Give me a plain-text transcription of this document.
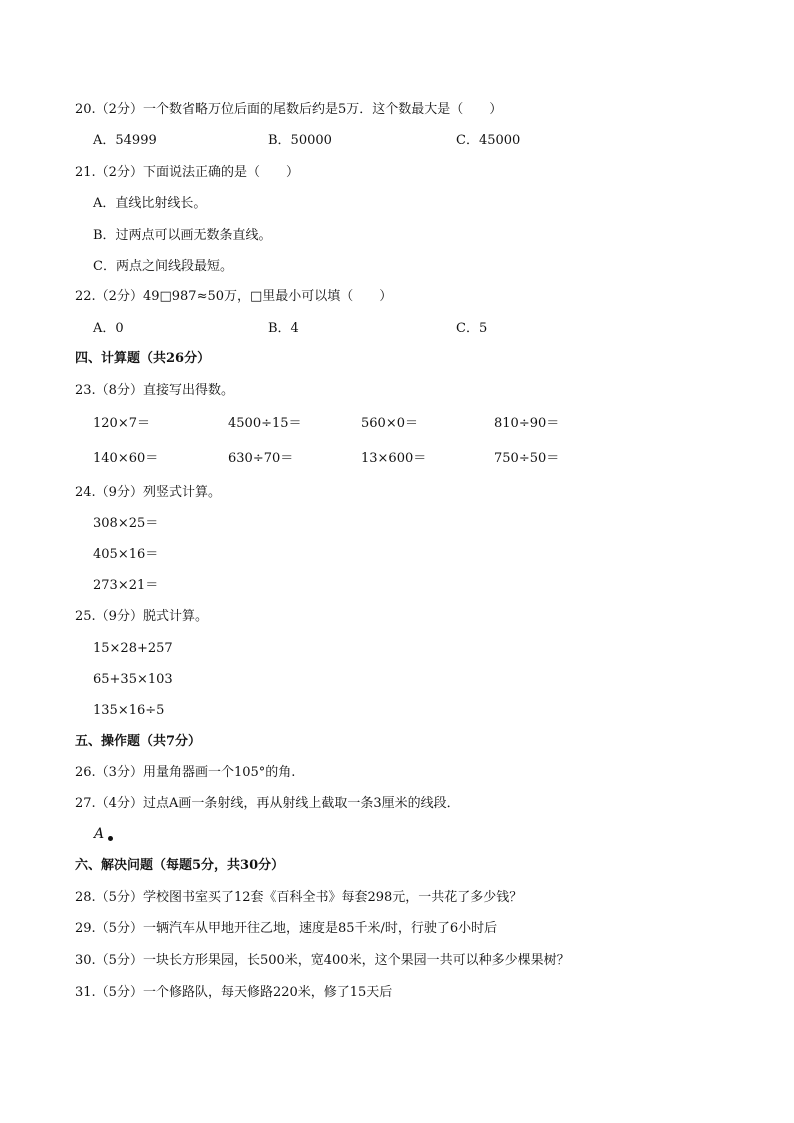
20.（2分）一个数省略万位后面的尾数后约是5万．这个数最大是（　　）
A．54999	B．50000	C．45000
21.（2分）下面说法正确的是（　　）
A．直线比射线长。
B．过两点可以画无数条直线。
C．两点之间线段最短。
22.（2分）49□987≈50万，□里最小可以填（　　）
A．0	B．4	C．5
四、计算题（共26分）
23.（8分）直接写出得数。
120×7＝	4500÷15＝	560×0＝	810÷90＝
140×60＝	630÷70＝	13×600＝	750÷50＝
24.（9分）列竖式计算。
308×25＝
405×16＝
273×21＝
25.（9分）脱式计算。
15×28+257
65+35×103
135×16÷5
五、操作题（共7分）
26.（3分）用量角器画一个105°的角.
27.（4分）过点A画一条射线，再从射线上截取一条3厘米的线段．
A
六、解决问题（每题5分，共30分）
28.（5分）学校图书室买了12套《百科全书》每套298元，一共花了多少钱？
29.（5分）一辆汽车从甲地开往乙地，速度是85千米/时，行驶了6小时后
30.（5分）一块长方形果园，长500米，宽400米，这个果园一共可以种多少棵果树？
31.（5分）一个修路队，每天修路220米，修了15天后
